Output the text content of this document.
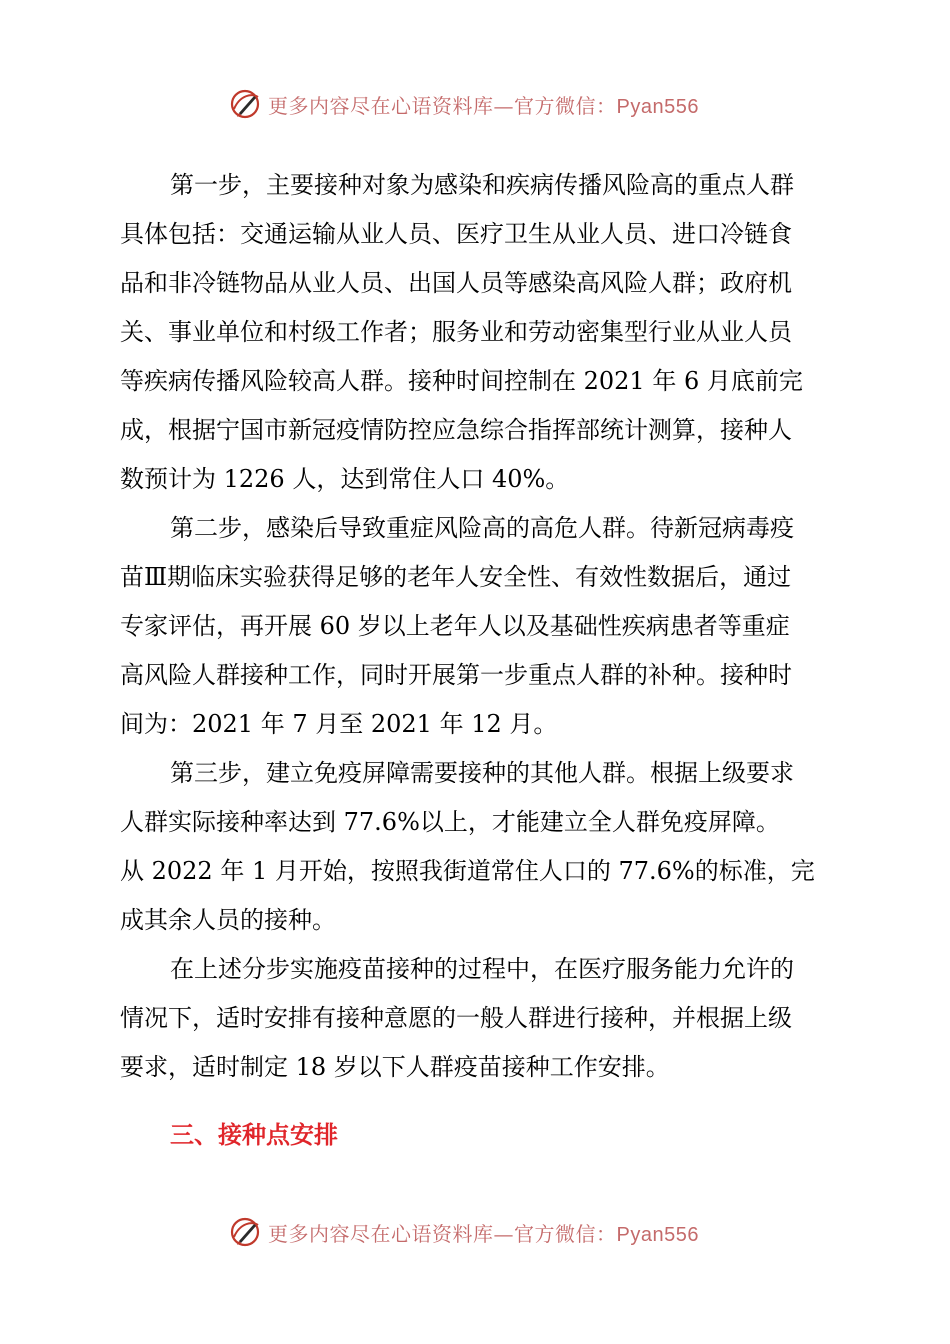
更多内容尽在心语资料库—官方微信：Pyan556

第一步，主要接种对象为感染和疾病传播风险高的重点人群
具体包括：交通运输从业人员、医疗卫生从业人员、进口冷链食
品和非冷链物品从业人员、出国人员等感染高风险人群；政府机
关、事业单位和村级工作者；服务业和劳动密集型行业从业人员
等疾病传播风险较高人群。接种时间控制在 2021 年 6 月底前完
成，根据宁国市新冠疫情防控应急综合指挥部统计测算，接种人
数预计为 1226 人，达到常住人口 40%。

第二步，感染后导致重症风险高的高危人群。待新冠病毒疫
苗Ⅲ期临床实验获得足够的老年人安全性、有效性数据后，通过
专家评估，再开展 60 岁以上老年人以及基础性疾病患者等重症
高风险人群接种工作，同时开展第一步重点人群的补种。接种时
间为：2021 年 7 月至 2021 年 12 月。

第三步，建立免疫屏障需要接种的其他人群。根据上级要求
人群实际接种率达到 77.6%以上，才能建立全人群免疫屏障。
从 2022 年 1 月开始，按照我街道常住人口的 77.6%的标准，完
成其余人员的接种。

在上述分步实施疫苗接种的过程中，在医疗服务能力允许的
情况下，适时安排有接种意愿的一般人群进行接种，并根据上级
要求，适时制定 18 岁以下人群疫苗接种工作安排。

三、接种点安排
更多内容尽在心语资料库—官方微信：Pyan556
